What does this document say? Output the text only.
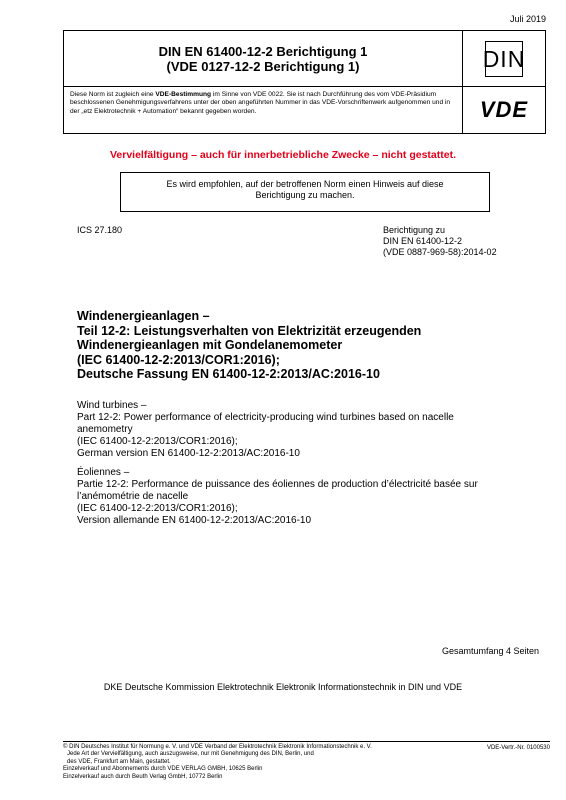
Juli 2019
DIN EN 61400-12-2 Berichtigung 1
(VDE 0127-12-2 Berichtigung 1)	DIN
Diese Norm ist zugleich eine VDE-Bestimmung im Sinne von VDE 0022. Sie ist nach Durchführung des vom VDE-Präsidium beschlossenen Genehmigungsverfahrens unter der oben angeführten Nummer in das VDE-Vorschriftenwerk aufgenommen und in der „etz Elektrotechnik + Automation“ bekannt gegeben worden.	VDE
Vervielfältigung – auch für innerbetriebliche Zwecke – nicht gestattet.
Es wird empfohlen, auf der betroffenen Norm einen Hinweis auf diese
Berichtigung zu machen.
ICS 27.180	Berichtigung zu
DIN EN 61400-12-2
(VDE 0887-969-58):2014-02
Windenergieanlagen –
Teil 12-2: Leistungsverhalten von Elektrizität erzeugenden
Windenergieanlagen mit Gondelanemometer
(IEC 61400-12-2:2013/COR1:2016);
Deutsche Fassung EN 61400-12-2:2013/AC:2016-10
Wind turbines –
Part 12-2: Power performance of electricity-producing wind turbines based on nacelle
anemometry
(IEC 61400-12-2:2013/COR1:2016);
German version EN 61400-12-2:2013/AC:2016-10
Éoliennes –
Partie 12-2: Performance de puissance des éoliennes de production d’électricité basée sur
l’anémométrie de nacelle
(IEC 61400-12-2:2013/COR1:2016);
Version allemande EN 61400-12-2:2013/AC:2016-10
Gesamtumfang 4 Seiten
DKE Deutsche Kommission Elektrotechnik Elektronik Informationstechnik in DIN und VDE
© DIN Deutsches Institut für Normung e. V. und VDE Verband der Elektrotechnik Elektronik Informationstechnik e. V.
Jede Art der Vervielfältigung, auch auszugsweise, nur mit Genehmigung des DIN, Berlin, und
des VDE, Frankfurt am Main, gestattet.
Einzelverkauf und Abonnements durch VDE VERLAG GMBH, 10625 Berlin
Einzelverkauf auch durch Beuth Verlag GmbH, 10772 Berlin
VDE-Vertr.-Nr. 0100530
